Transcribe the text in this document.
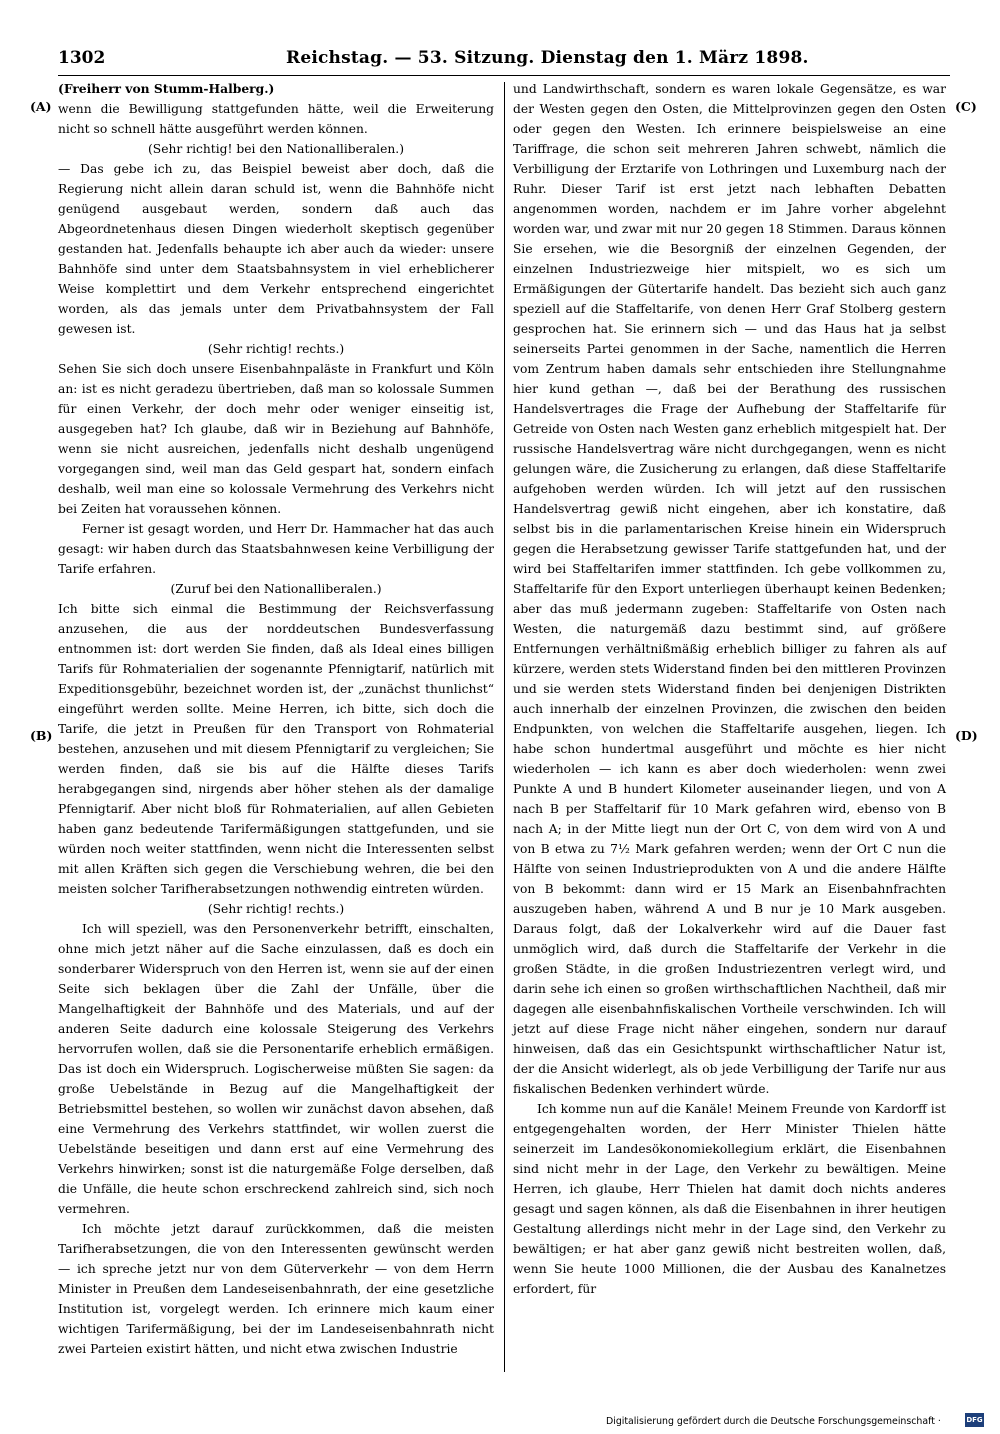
1302	Reichstag. — 53. Sitzung. Dienstag den 1. März 1898.
(A)
(B)
(C)
(D)

(Freiherr von Stumm-Halberg.)

wenn die Bewilligung stattgefunden hätte, weil die Erweiterung nicht so schnell hätte ausgeführt werden können.

(Sehr richtig! bei den Nationalliberalen.)

— Das gebe ich zu, das Beispiel beweist aber doch, daß die Regierung nicht allein daran schuld ist, wenn die Bahnhöfe nicht genügend ausgebaut werden, sondern daß auch das Abgeordnetenhaus diesen Dingen wiederholt skeptisch gegenüber gestanden hat. Jedenfalls behaupte ich aber auch da wieder: unsere Bahnhöfe sind unter dem Staatsbahnsystem in viel erheblicherer Weise komplettirt und dem Verkehr entsprechend eingerichtet worden, als das jemals unter dem Privatbahnsystem der Fall gewesen ist.

(Sehr richtig! rechts.)

Sehen Sie sich doch unsere Eisenbahnpaläste in Frankfurt und Köln an: ist es nicht geradezu übertrieben, daß man so kolossale Summen für einen Verkehr, der doch mehr oder weniger einseitig ist, ausgegeben hat? Ich glaube, daß wir in Beziehung auf Bahnhöfe, wenn sie nicht ausreichen, jedenfalls nicht deshalb ungenügend vorgegangen sind, weil man das Geld gespart hat, sondern einfach deshalb, weil man eine so kolossale Vermehrung des Verkehrs nicht bei Zeiten hat voraussehen können.

Ferner ist gesagt worden, und Herr Dr. Hammacher hat das auch gesagt: wir haben durch das Staatsbahnwesen keine Verbilligung der Tarife erfahren.

(Zuruf bei den Nationalliberalen.)

Ich bitte sich einmal die Bestimmung der Reichsverfassung anzusehen, die aus der norddeutschen Bundesverfassung entnommen ist: dort werden Sie finden, daß als Ideal eines billigen Tarifs für Rohmaterialien der sogenannte Pfennigtarif, natürlich mit Expeditionsgebühr, bezeichnet worden ist, der „zunächst thunlichst“ eingeführt werden sollte. Meine Herren, ich bitte, sich doch die Tarife, die jetzt in Preußen für den Transport von Rohmaterial bestehen, anzusehen und mit diesem Pfennigtarif zu vergleichen; Sie werden finden, daß sie bis auf die Hälfte dieses Tarifs herabgegangen sind, nirgends aber höher stehen als der damalige Pfennigtarif. Aber nicht bloß für Rohmaterialien, auf allen Gebieten haben ganz bedeutende Tarifermäßigungen stattgefunden, und sie würden noch weiter stattfinden, wenn nicht die Interessenten selbst mit allen Kräften sich gegen die Verschiebung wehren, die bei den meisten solcher Tarifherabsetzungen nothwendig eintreten würden.

(Sehr richtig! rechts.)

Ich will speziell, was den Personenverkehr betrifft, einschalten, ohne mich jetzt näher auf die Sache einzulassen, daß es doch ein sonderbarer Widerspruch von den Herren ist, wenn sie auf der einen Seite sich beklagen über die Zahl der Unfälle, über die Mangelhaftigkeit der Bahnhöfe und des Materials, und auf der anderen Seite dadurch eine kolossale Steigerung des Verkehrs hervorrufen wollen, daß sie die Personentarife erheblich ermäßigen. Das ist doch ein Widerspruch. Logischerweise müßten Sie sagen: da große Uebelstände in Bezug auf die Mangelhaftigkeit der Betriebsmittel bestehen, so wollen wir zunächst davon absehen, daß eine Vermehrung des Verkehrs stattfindet, wir wollen zuerst die Uebelstände beseitigen und dann erst auf eine Vermehrung des Verkehrs hinwirken; sonst ist die naturgemäße Folge derselben, daß die Unfälle, die heute schon erschreckend zahlreich sind, sich noch vermehren.

Ich möchte jetzt darauf zurückkommen, daß die meisten Tarifherabsetzungen, die von den Interessenten gewünscht werden — ich spreche jetzt nur von dem Güterverkehr — von dem Herrn Minister in Preußen dem Landeseisenbahnrath, der eine gesetzliche Institution ist, vorgelegt werden. Ich erinnere mich kaum einer wichtigen Tarifermäßigung, bei der im Landeseisenbahnrath nicht zwei Parteien existirt hätten, und nicht etwa zwischen Industrie

und Landwirthschaft, sondern es waren lokale Gegensätze, es war der Westen gegen den Osten, die Mittelprovinzen gegen den Osten oder gegen den Westen. Ich erinnere beispielsweise an eine Tariffrage, die schon seit mehreren Jahren schwebt, nämlich die Verbilligung der Erztarife von Lothringen und Luxemburg nach der Ruhr. Dieser Tarif ist erst jetzt nach lebhaften Debatten angenommen worden, nachdem er im Jahre vorher abgelehnt worden war, und zwar mit nur 20 gegen 18 Stimmen. Daraus können Sie ersehen, wie die Besorgniß der einzelnen Gegenden, der einzelnen Industriezweige hier mitspielt, wo es sich um Ermäßigungen der Gütertarife handelt. Das bezieht sich auch ganz speziell auf die Staffeltarife, von denen Herr Graf Stolberg gestern gesprochen hat. Sie erinnern sich — und das Haus hat ja selbst seinerseits Partei genommen in der Sache, namentlich die Herren vom Zentrum haben damals sehr entschieden ihre Stellungnahme hier kund gethan —, daß bei der Berathung des russischen Handelsvertrages die Frage der Aufhebung der Staffeltarife für Getreide von Osten nach Westen ganz erheblich mitgespielt hat. Der russische Handelsvertrag wäre nicht durchgegangen, wenn es nicht gelungen wäre, die Zusicherung zu erlangen, daß diese Staffeltarife aufgehoben werden würden. Ich will jetzt auf den russischen Handelsvertrag gewiß nicht eingehen, aber ich konstatire, daß selbst bis in die parlamentarischen Kreise hinein ein Widerspruch gegen die Herabsetzung gewisser Tarife stattgefunden hat, und der wird bei Staffeltarifen immer stattfinden. Ich gebe vollkommen zu, Staffeltarife für den Export unterliegen überhaupt keinen Bedenken; aber das muß jedermann zugeben: Staffeltarife von Osten nach Westen, die naturgemäß dazu bestimmt sind, auf größere Entfernungen verhältnißmäßig erheblich billiger zu fahren als auf kürzere, werden stets Widerstand finden bei den mittleren Provinzen und sie werden stets Widerstand finden bei denjenigen Distrikten auch innerhalb der einzelnen Provinzen, die zwischen den beiden Endpunkten, von welchen die Staffeltarife ausgehen, liegen. Ich habe schon hundertmal ausgeführt und möchte es hier nicht wiederholen — ich kann es aber doch wiederholen: wenn zwei Punkte A und B hundert Kilometer auseinander liegen, und von A nach B per Staffeltarif für 10 Mark gefahren wird, ebenso von B nach A; in der Mitte liegt nun der Ort C, von dem wird von A und von B etwa zu 7½ Mark gefahren werden; wenn der Ort C nun die Hälfte von seinen Industrieprodukten von A und die andere Hälfte von B bekommt: dann wird er 15 Mark an Eisenbahnfrachten auszugeben haben, während A und B nur je 10 Mark ausgeben. Daraus folgt, daß der Lokalverkehr wird auf die Dauer fast unmöglich wird, daß durch die Staffeltarife der Verkehr in die großen Städte, in die großen Industriezentren verlegt wird, und darin sehe ich einen so großen wirthschaftlichen Nachtheil, daß mir dagegen alle eisenbahnfiskalischen Vortheile verschwinden. Ich will jetzt auf diese Frage nicht näher eingehen, sondern nur darauf hinweisen, daß das ein Gesichtspunkt wirthschaftlicher Natur ist, der die Ansicht widerlegt, als ob jede Verbilligung der Tarife nur aus fiskalischen Bedenken verhindert würde.

Ich komme nun auf die Kanäle! Meinem Freunde von Kardorff ist entgegengehalten worden, der Herr Minister Thielen hätte seinerzeit im Landesökonomiekollegium erklärt, die Eisenbahnen sind nicht mehr in der Lage, den Verkehr zu bewältigen. Meine Herren, ich glaube, Herr Thielen hat damit doch nichts anderes gesagt und sagen können, als daß die Eisenbahnen in ihrer heutigen Gestaltung allerdings nicht mehr in der Lage sind, den Verkehr zu bewältigen; er hat aber ganz gewiß nicht bestreiten wollen, daß, wenn Sie heute 1000 Millionen, die der Ausbau des Kanalnetzes erfordert, für

Digitalisierung gefördert durch die Deutsche Forschungsgemeinschaft ·	DFG
